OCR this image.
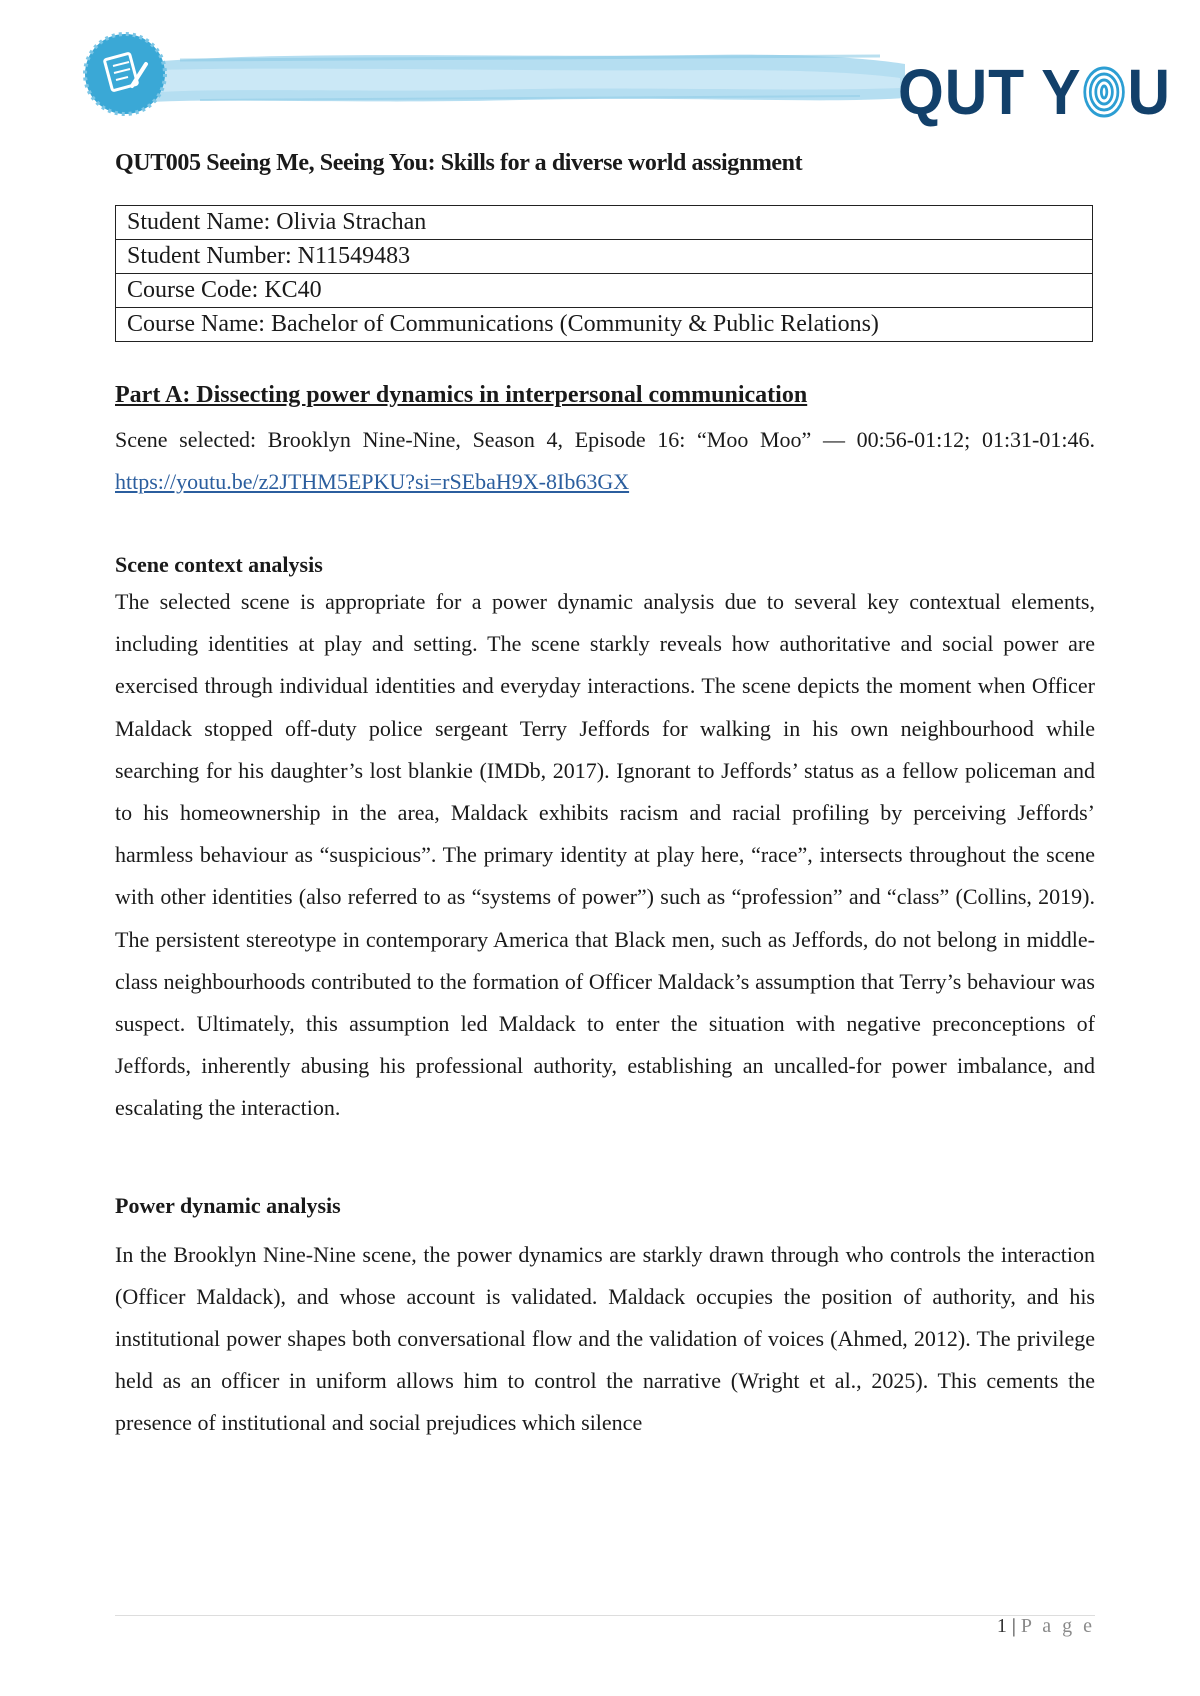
QUT Y U

QUT005 Seeing Me, Seeing You: Skills for a diverse world assignment

Student Name: Olivia Strachan
Student Number: N11549483
Course Code: KC40
Course Name: Bachelor of Communications (Community & Public Relations)

Part A: Dissecting power dynamics in interpersonal communication

Scene selected: Brooklyn Nine-Nine, Season 4, Episode 16: “Moo Moo” — 00:56-01:12; 01:31-01:46. https://youtu.be/z2JTHM5EPKU?si=rSEbaH9X-8Ib63GX

Scene context analysis

The selected scene is appropriate for a power dynamic analysis due to several key contextual elements, including identities at play and setting. The scene starkly reveals how authoritative and social power are exercised through individual identities and everyday interactions. The scene depicts the moment when Officer Maldack stopped off-duty police sergeant Terry Jeffords for walking in his own neighbourhood while searching for his daughter’s lost blankie (IMDb, 2017). Ignorant to Jeffords’ status as a fellow policeman and to his homeownership in the area, Maldack exhibits racism and racial profiling by perceiving Jeffords’ harmless behaviour as “suspicious”. The primary identity at play here, “race”, intersects throughout the scene with other identities (also referred to as “systems of power”) such as “profession” and “class” (Collins, 2019). The persistent stereotype in contemporary America that Black men, such as Jeffords, do not belong in middle-class neighbourhoods contributed to the formation of Officer Maldack’s assumption that Terry’s behaviour was suspect. Ultimately, this assumption led Maldack to enter the situation with negative preconceptions of Jeffords, inherently abusing his professional authority, establishing an uncalled-for power imbalance, and escalating the interaction.

Power dynamic analysis

In the Brooklyn Nine-Nine scene, the power dynamics are starkly drawn through who controls the interaction (Officer Maldack), and whose account is validated. Maldack occupies the position of authority, and his institutional power shapes both conversational flow and the validation of voices (Ahmed, 2012). The privilege held as an officer in uniform allows him to control the narrative (Wright et al., 2025). This cements the presence of institutional and social prejudices which silence

1 | P a g e
